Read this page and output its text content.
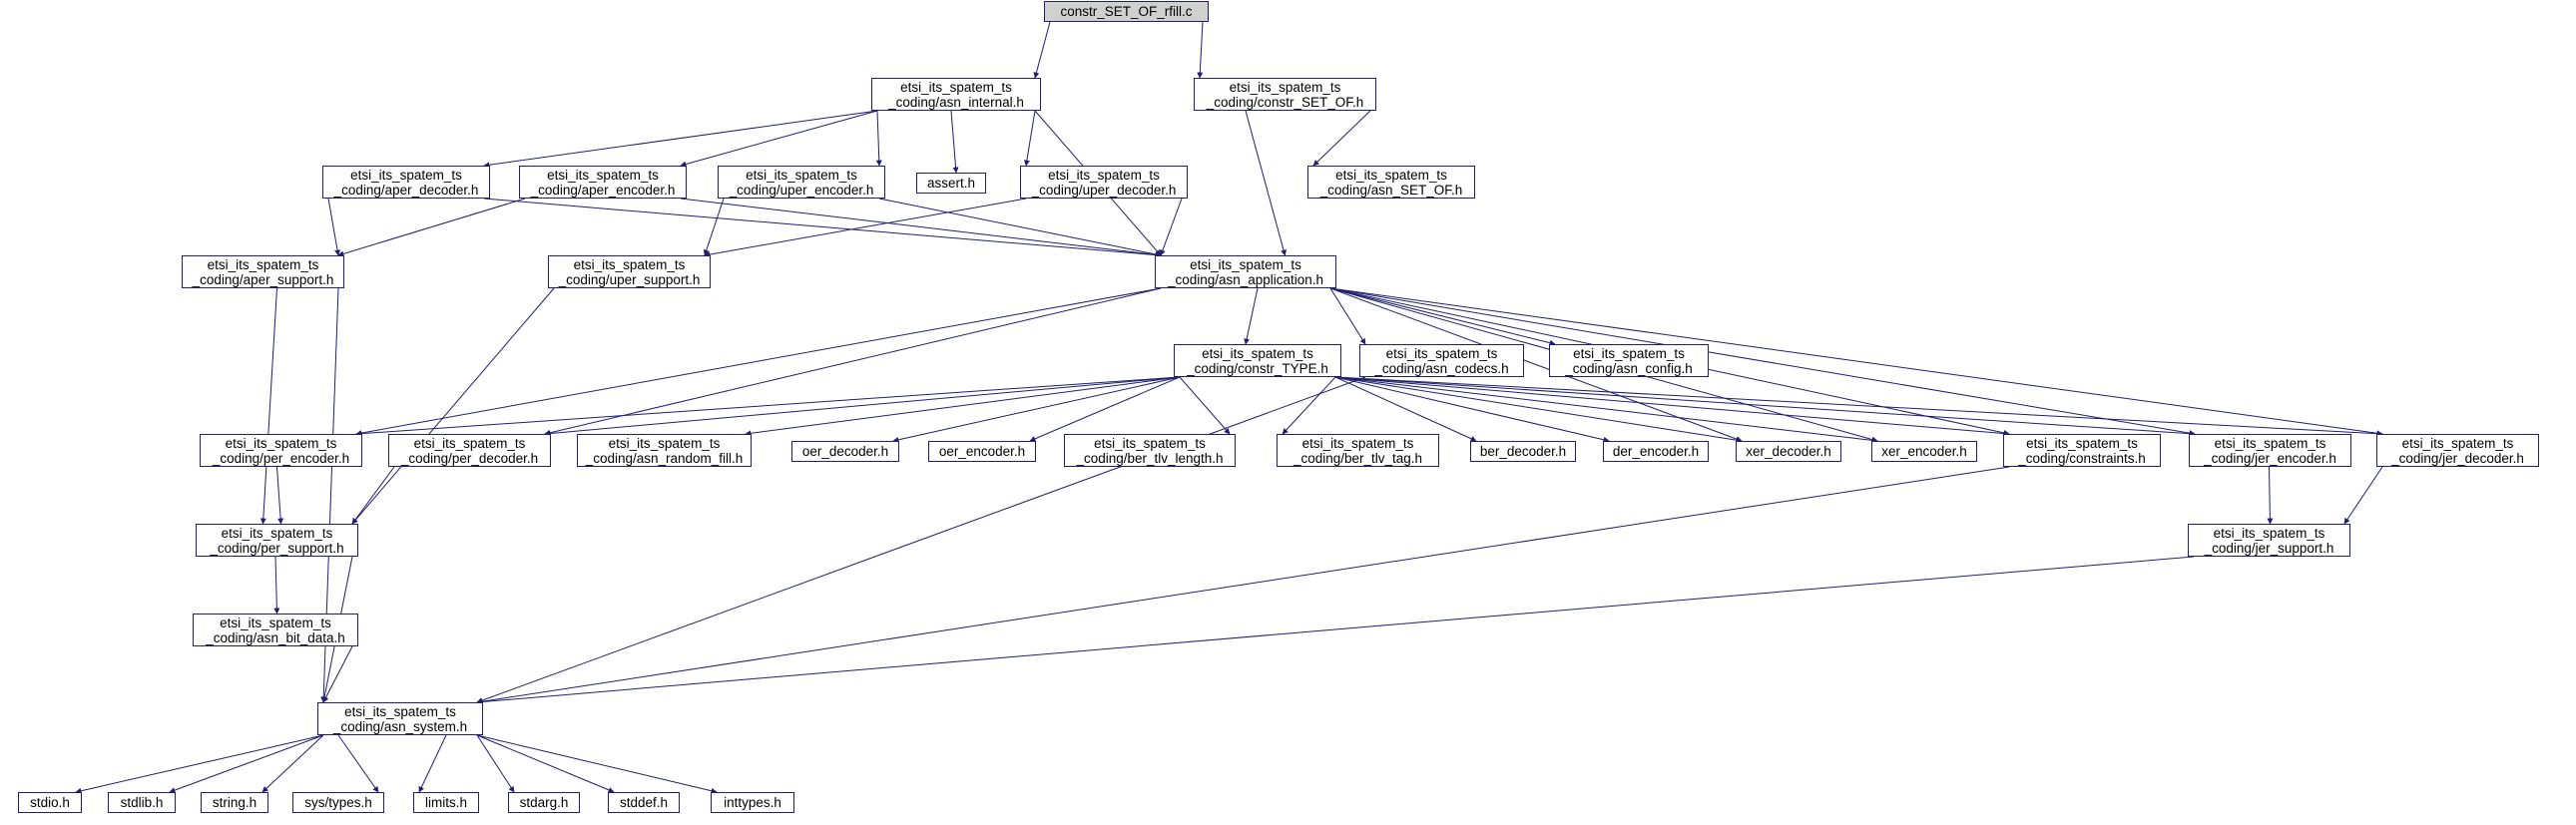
constr_SET_OF_rfill.c
etsi_its_spatem_ts
_coding/asn_internal.h
etsi_its_spatem_ts
_coding/constr_SET_OF.h
etsi_its_spatem_ts
_coding/aper_decoder.h
etsi_its_spatem_ts
_coding/aper_encoder.h
etsi_its_spatem_ts
_coding/uper_encoder.h	assert.h
etsi_its_spatem_ts
_coding/uper_decoder.h
etsi_its_spatem_ts
_coding/asn_SET_OF.h
etsi_its_spatem_ts
_coding/aper_support.h
etsi_its_spatem_ts
_coding/uper_support.h
etsi_its_spatem_ts
_coding/asn_application.h
etsi_its_spatem_ts
_coding/constr_TYPE.h
etsi_its_spatem_ts
_coding/asn_codecs.h
etsi_its_spatem_ts
_coding/asn_config.h
etsi_its_spatem_ts
_coding/per_encoder.h
etsi_its_spatem_ts
_coding/per_decoder.h
etsi_its_spatem_ts
_coding/asn_random_fill.h	oer_decoder.h	oer_encoder.h
etsi_its_spatem_ts
_coding/ber_tlv_length.h
etsi_its_spatem_ts
_coding/ber_tlv_tag.h	ber_decoder.h	der_encoder.h	xer_decoder.h	xer_encoder.h
etsi_its_spatem_ts
_coding/constraints.h
etsi_its_spatem_ts
_coding/jer_encoder.h
etsi_its_spatem_ts
_coding/jer_decoder.h
etsi_its_spatem_ts
_coding/per_support.h
etsi_its_spatem_ts
_coding/jer_support.h
etsi_its_spatem_ts
_coding/asn_bit_data.h
etsi_its_spatem_ts
_coding/asn_system.h
stdio.h	stdlib.h	string.h	sys/types.h	limits.h	stdarg.h	stddef.h	inttypes.h
